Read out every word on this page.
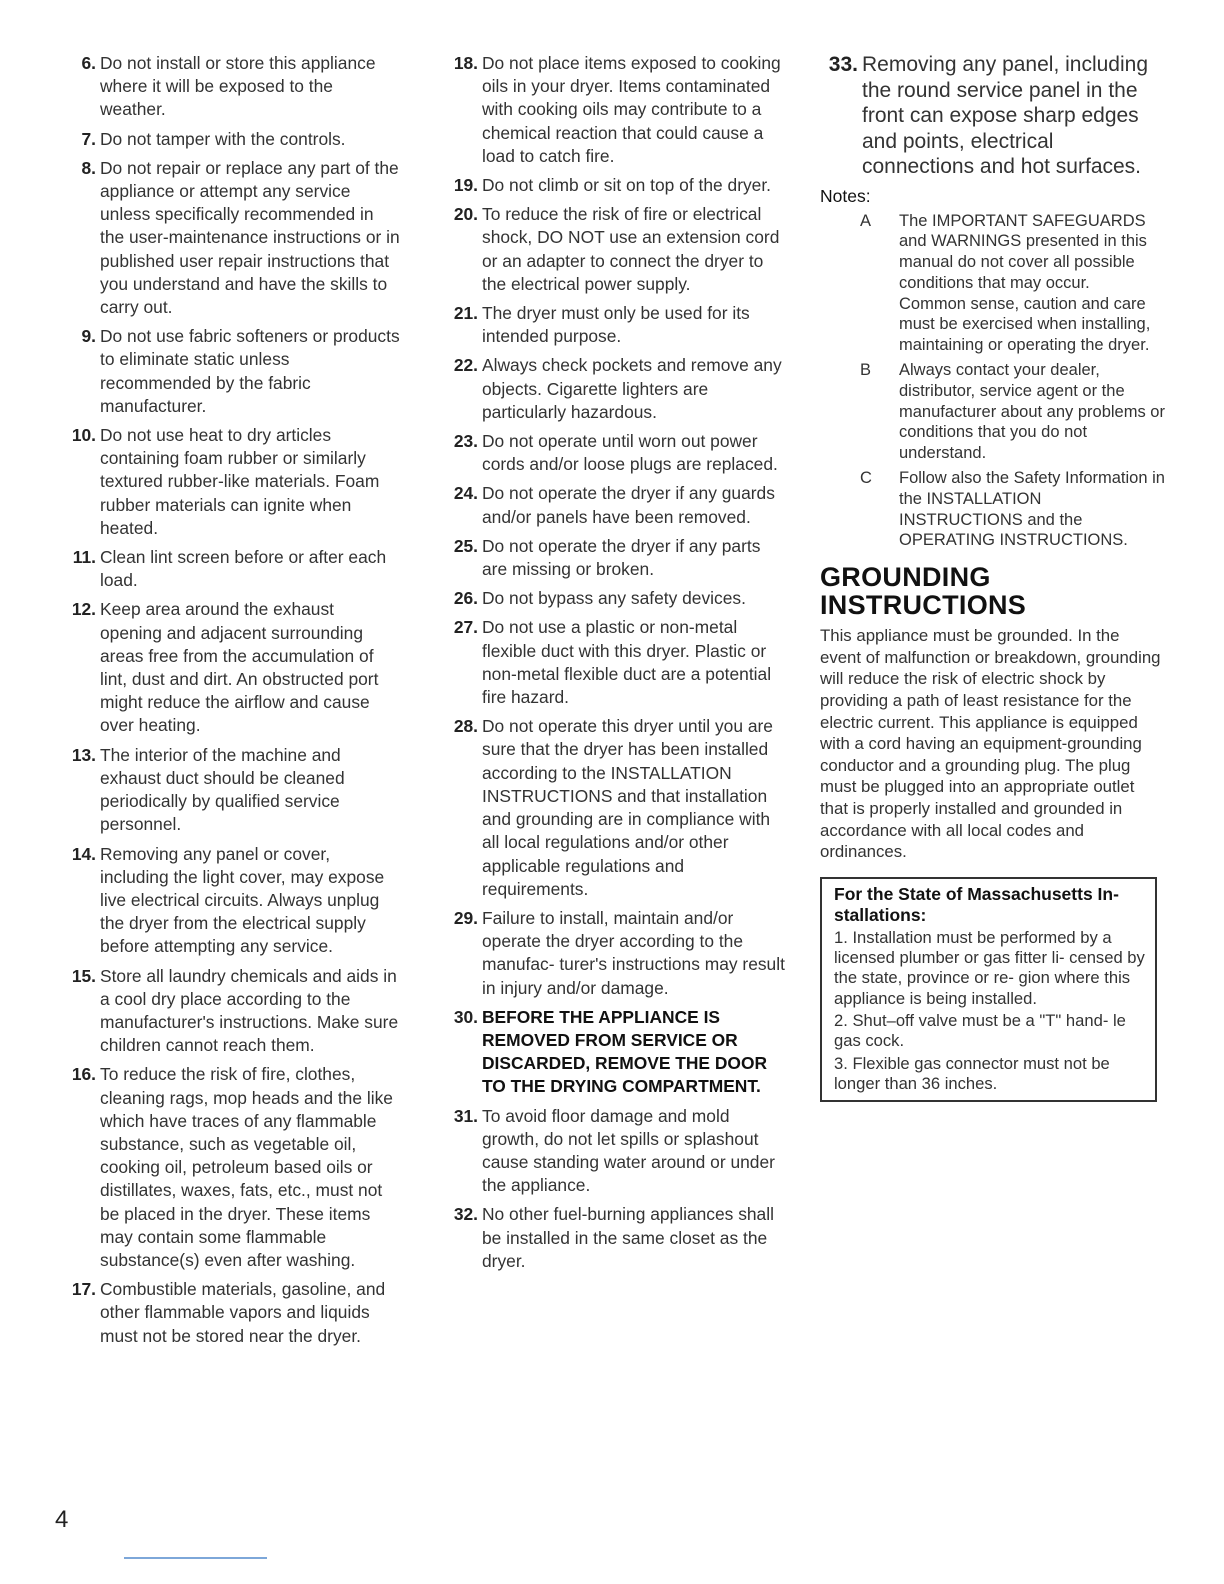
6. Do not install or store this appliance where it will be exposed to the weather.
7. Do not tamper with the controls.
8. Do not repair or replace any part of the appliance or attempt any service unless specifically recommended in the user-maintenance instructions or in published user repair instructions that you understand and have the skills to carry out.
9. Do not use fabric softeners or products to eliminate static unless recommended by the fabric manufacturer.
10. Do not use heat to dry articles containing foam rubber or similarly textured rubber-like materials. Foam rubber materials can ignite when heated.
11. Clean lint screen before or after each load.
12. Keep area around the exhaust opening and adjacent surrounding areas free from the accumulation of lint, dust and dirt. An obstructed port might reduce the airflow and cause over heating.
13. The interior of the machine and exhaust duct should be cleaned periodically by qualified service personnel.
14. Removing any panel or cover, including the light cover, may expose live electrical circuits. Always unplug the dryer from the electrical supply before attempting any service.
15. Store all laundry chemicals and aids in a cool dry place according to the manufacturer's instructions. Make sure children cannot reach them.
16. To reduce the risk of fire, clothes, cleaning rags, mop heads and the like which have traces of any flammable substance, such as vegetable oil, cooking oil, petroleum based oils or distillates, waxes, fats, etc., must not be placed in the dryer. These items may contain some flammable substance(s) even after washing.
17. Combustible materials, gasoline, and other flammable vapors and liquids must not be stored near the dryer.
18. Do not place items exposed to cooking oils in your dryer. Items contaminated with cooking oils may contribute to a chemical reaction that could cause a load to catch fire.
19. Do not climb or sit on top of the dryer.
20. To reduce the risk of fire or electrical shock, DO NOT use an extension cord or an adapter to connect the dryer to the electrical power supply.
21. The dryer must only be used for its intended purpose.
22. Always check pockets and remove any objects. Cigarette lighters are particularly hazardous.
23. Do not operate until worn out power cords and/or loose plugs are replaced.
24. Do not operate the dryer if any guards and/or panels have been removed.
25. Do not operate the dryer if any parts are missing or broken.
26. Do not bypass any safety devices.
27. Do not use a plastic or non-metal flexible duct with this dryer. Plastic or non-metal flexible duct are a potential fire hazard.
28. Do not operate this dryer until you are sure that the dryer has been installed according to the INSTALLATION INSTRUCTIONS and that installation and grounding are in compliance with all local regulations and/or other applicable regulations and requirements.
29. Failure to install, maintain and/or operate the dryer according to the manufac- turer's instructions may result in injury and/or damage.
30. BEFORE THE APPLIANCE IS REMOVED FROM SERVICE OR DISCARDED, REMOVE THE DOOR TO THE DRYING COMPARTMENT.
31. To avoid floor damage and mold growth, do not let spills or splashout cause standing water around or under the appliance.
32. No other fuel-burning appliances shall be installed in the same closet as the dryer.
33. Removing any panel, including the round service panel in the front can expose sharp edges and points, electrical connections and hot surfaces.
Notes:
A	The IMPORTANT SAFEGUARDS and WARNINGS presented in this manual do not cover all possible conditions that may occur.

Common sense, caution and care must be exercised when installing, maintaining or operating the dryer.

B	Always contact your dealer, distributor, service agent or the manufacturer about any problems or conditions that you do not understand.
C	Follow also the Safety Information in the INSTALLATION INSTRUCTIONS and the OPERATING INSTRUCTIONS.
GROUNDING INSTRUCTIONS

This appliance must be grounded. In the event of malfunction or breakdown, grounding will reduce the risk of electric shock by providing a path of least resistance for the electric current. This appliance is equipped with a cord having an equipment-grounding conductor and a grounding plug. The plug must be plugged into an appropriate outlet that is properly installed and grounded in accordance with all local codes and ordinances.

For the State of Massachusetts In- stallations:
1. Installation must be performed by a licensed plumber or gas fitter li- censed by the state, province or re- gion where this appliance is being installed.
2. Shut–off valve must be a "T" hand- le gas cock.
3. Flexible gas connector must not be longer than 36 inches.
4
